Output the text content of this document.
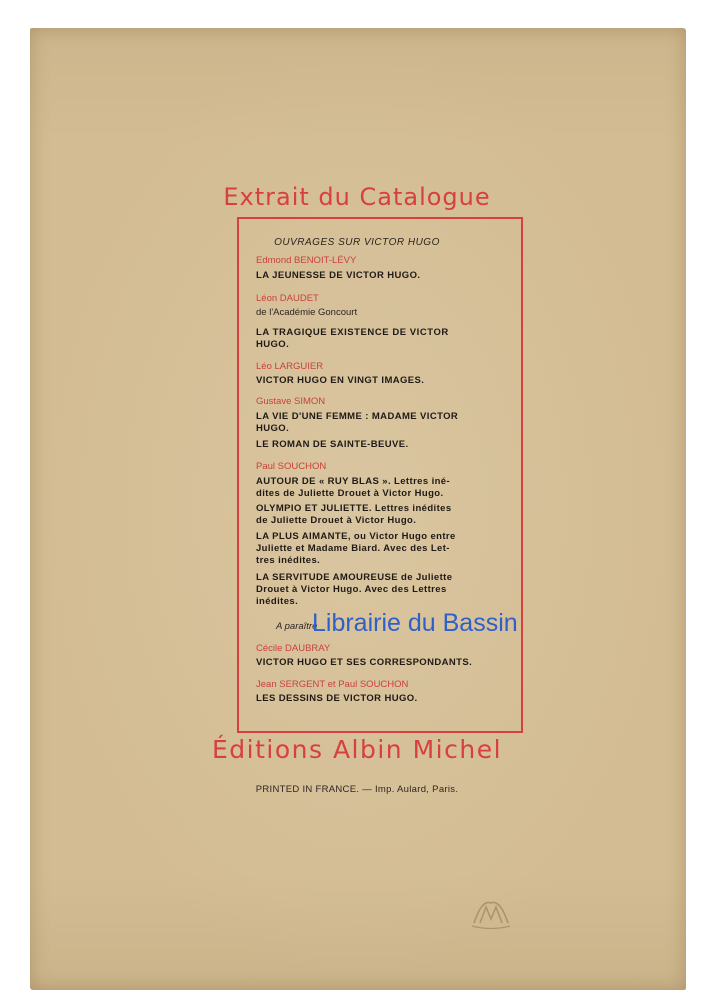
Extrait du Catalogue
OUVRAGES SUR VICTOR HUGO
Edmond BENOIT-LÉVY
LA JEUNESSE DE VICTOR HUGO.
Léon DAUDET
de l'Académie Goncourt
LA TRAGIQUE EXISTENCE DE VICTOR
HUGO.
Léo LARGUIER
VICTOR HUGO EN VINGT IMAGES.
Gustave SIMON
LA VIE D'UNE FEMME : MADAME VICTOR
HUGO.
LE ROMAN DE SAINTE-BEUVE.
Paul SOUCHON
AUTOUR DE « RUY BLAS ». Lettres iné-
dites de Juliette Drouet à Victor Hugo.
OLYMPIO ET JULIETTE. Lettres inédites
de Juliette Drouet à Victor Hugo.
LA PLUS AIMANTE, ou Victor Hugo entre
Juliette et Madame Biard. Avec des Let-
tres inédites.
LA SERVITUDE AMOUREUSE de Juliette
Drouet à Victor Hugo. Avec des Lettres
inédites.
A paraître
Cécile DAUBRAY
VICTOR HUGO ET SES CORRESPONDANTS.
Jean SERGENT et Paul SOUCHON
LES DESSINS DE VICTOR HUGO.
Librairie du Bassin
Éditions Albin Michel
PRINTED IN FRANCE. — Imp. Aulard, Paris.
